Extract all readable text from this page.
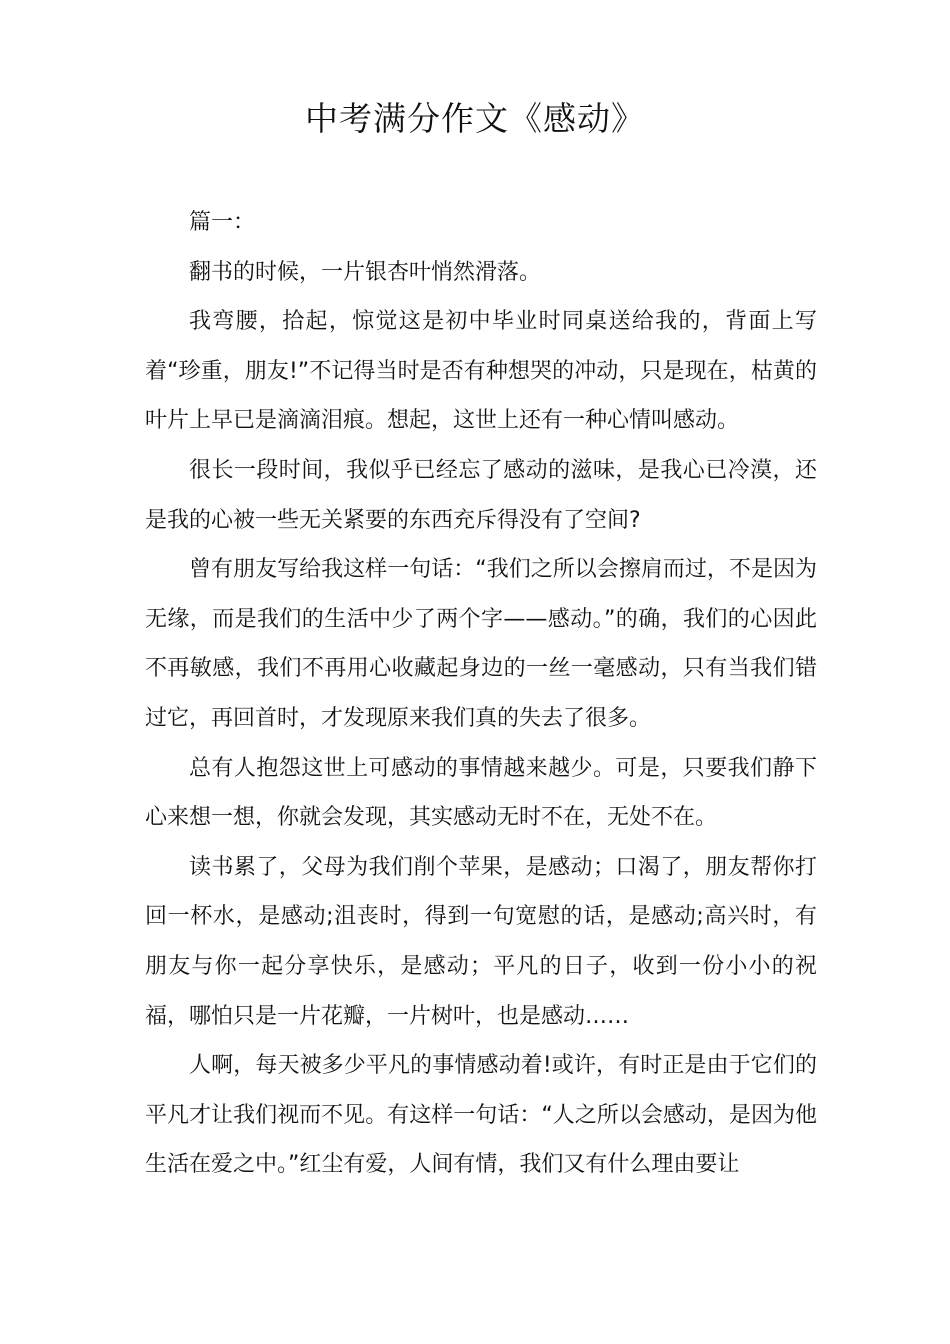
中考满分作文《感动》

篇一：

翻书的时候，一片银杏叶悄然滑落。

我弯腰，拾起，惊觉这是初中毕业时同桌送给我的，背面上写着“珍重，朋友!”不记得当时是否有种想哭的冲动，只是现在，枯黄的叶片上早已是滴滴泪痕。想起，这世上还有一种心情叫感动。

很长一段时间，我似乎已经忘了感动的滋味，是我心已冷漠，还是我的心被一些无关紧要的东西充斥得没有了空间?

曾有朋友写给我这样一句话：“我们之所以会擦肩而过，不是因为无缘，而是我们的生活中少了两个字——感动。”的确，我们的心因此不再敏感，我们不再用心收藏起身边的一丝一毫感动，只有当我们错过它，再回首时，才发现原来我们真的失去了很多。

总有人抱怨这世上可感动的事情越来越少。可是，只要我们静下心来想一想，你就会发现，其实感动无时不在，无处不在。

读书累了，父母为我们削个苹果，是感动；口渴了，朋友帮你打回一杯水，是感动;沮丧时，得到一句宽慰的话，是感动;高兴时，有朋友与你一起分享快乐，是感动；平凡的日子，收到一份小小的祝福，哪怕只是一片花瓣，一片树叶，也是感动……

人啊，每天被多少平凡的事情感动着!或许，有时正是由于它们的平凡才让我们视而不见。有这样一句话：“人之所以会感动，是因为他生活在爱之中。”红尘有爱，人间有情，我们又有什么理由要让
